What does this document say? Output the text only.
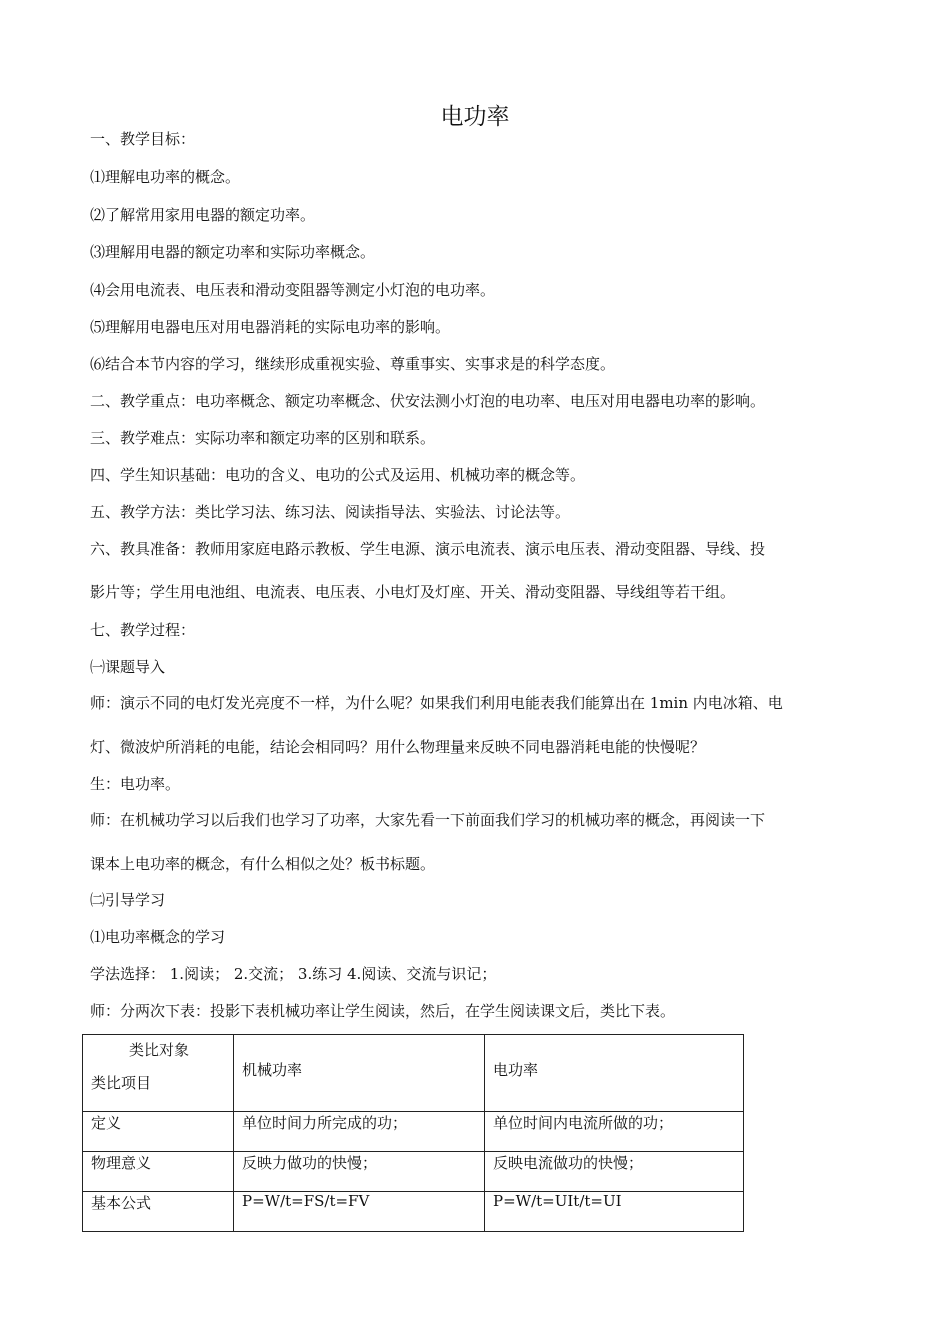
电功率
一、教学目标：
⑴理解电功率的概念。
⑵了解常用家用电器的额定功率。
⑶理解用电器的额定功率和实际功率概念。
⑷会用电流表、电压表和滑动变阻器等测定小灯泡的电功率。
⑸理解用电器电压对用电器消耗的实际电功率的影响。
⑹结合本节内容的学习，继续形成重视实验、尊重事实、实事求是的科学态度。
二、教学重点：电功率概念、额定功率概念、伏安法测小灯泡的电功率、电压对用电器电功率的影响。
三、教学难点：实际功率和额定功率的区别和联系。
四、学生知识基础：电功的含义、电功的公式及运用、机械功率的概念等。
五、教学方法：类比学习法、练习法、阅读指导法、实验法、讨论法等。
六、教具准备：教师用家庭电路示教板、学生电源、演示电流表、演示电压表、滑动变阻器、导线、投
影片等；学生用电池组、电流表、电压表、小电灯及灯座、开关、滑动变阻器、导线组等若干组。
七、教学过程：
㈠课题导入
师：演示不同的电灯发光亮度不一样，为什么呢？如果我们利用电能表我们能算出在 1min 内电冰箱、电
灯、微波炉所消耗的电能，结论会相同吗？用什么物理量来反映不同电器消耗电能的快慢呢？
生：电功率。
师：在机械功学习以后我们也学习了功率，大家先看一下前面我们学习的机械功率的概念，再阅读一下
课本上电功率的概念，有什么相似之处？板书标题。
㈡引导学习
⑴电功率概念的学习
学法选择： 1.阅读； 2.交流； 3.练习 4.阅读、交流与识记；
师：分两次下表：投影下表机械功率让学生阅读，然后，在学生阅读课文后，类比下表。
类比对象
类比项目	机械功率	电功率

定义	单位时间力所完成的功；	单位时间内电流所做的功；
物理意义	反映力做功的快慢；	反映电流做功的快慢；
基本公式	P=W/t=FS/t=FV	P=W/t=UIt/t=UI
